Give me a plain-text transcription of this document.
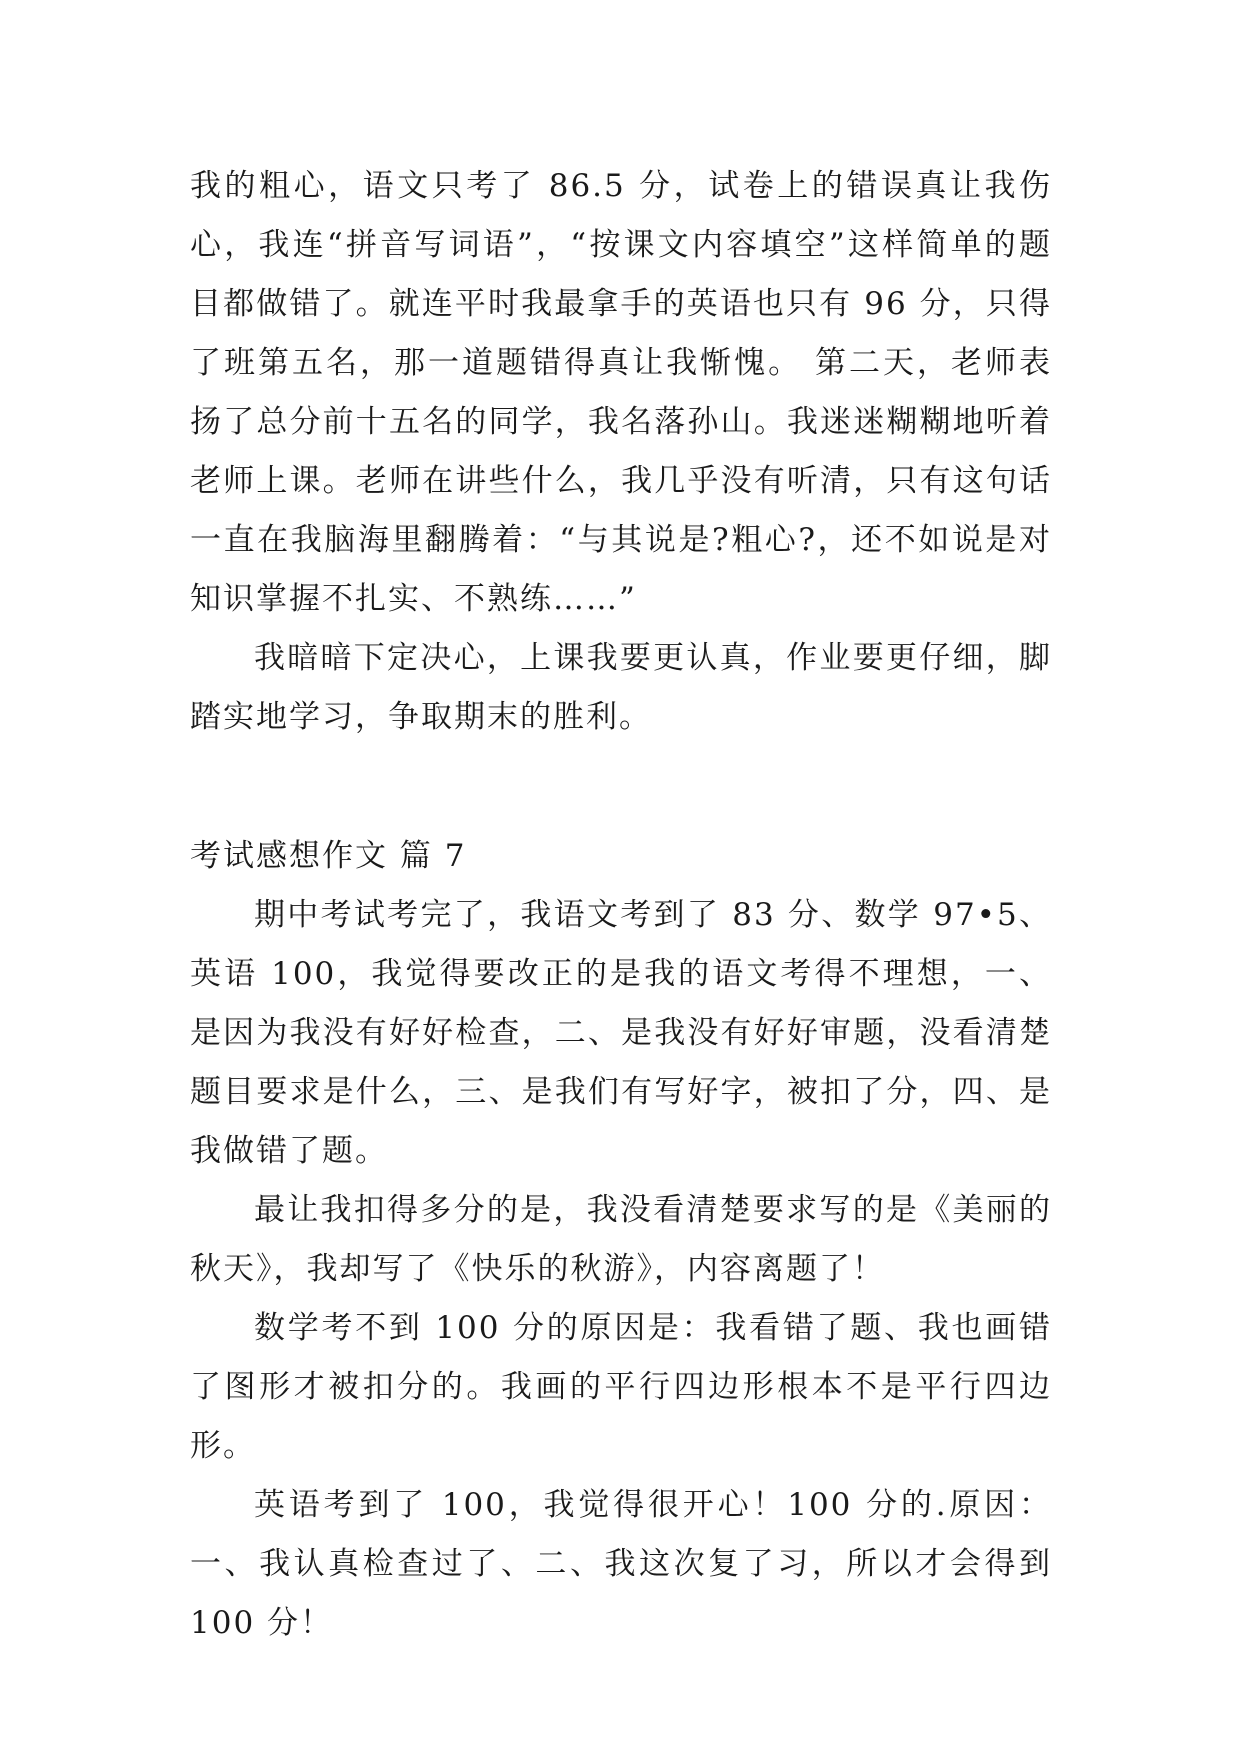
我的粗心，语文只考了 86.5 分，试卷上的错误真让我伤心，我连“拼音写词语”，“按课文内容填空”这样简单的题目都做错了。就连平时我最拿手的英语也只有 96 分，只得了班第五名，那一道题错得真让我惭愧。 第二天，老师表扬了总分前十五名的同学，我名落孙山。我迷迷糊糊地听着老师上课。老师在讲些什么，我几乎没有听清，只有这句话一直在我脑海里翻腾着：“与其说是?粗心?，还不如说是对知识掌握不扎实、不熟练……”

我暗暗下定决心，上课我要更认真，作业要更仔细，脚踏实地学习，争取期末的胜利。

考试感想作文 篇 7

期中考试考完了，我语文考到了 83 分、数学 97•5、英语 100，我觉得要改正的是我的语文考得不理想，一、是因为我没有好好检查，二、是我没有好好审题，没看清楚题目要求是什么，三、是我们有写好字，被扣了分，四、是我做错了题。

最让我扣得多分的是，我没看清楚要求写的是《美丽的秋天》，我却写了《快乐的秋游》，内容离题了！

数学考不到 100 分的原因是：我看错了题、我也画错了图形才被扣分的。我画的平行四边形根本不是平行四边形。

英语考到了 100，我觉得很开心！100 分的.原因：一、我认真检查过了、二、我这次复了习，所以才会得到 100 分！
